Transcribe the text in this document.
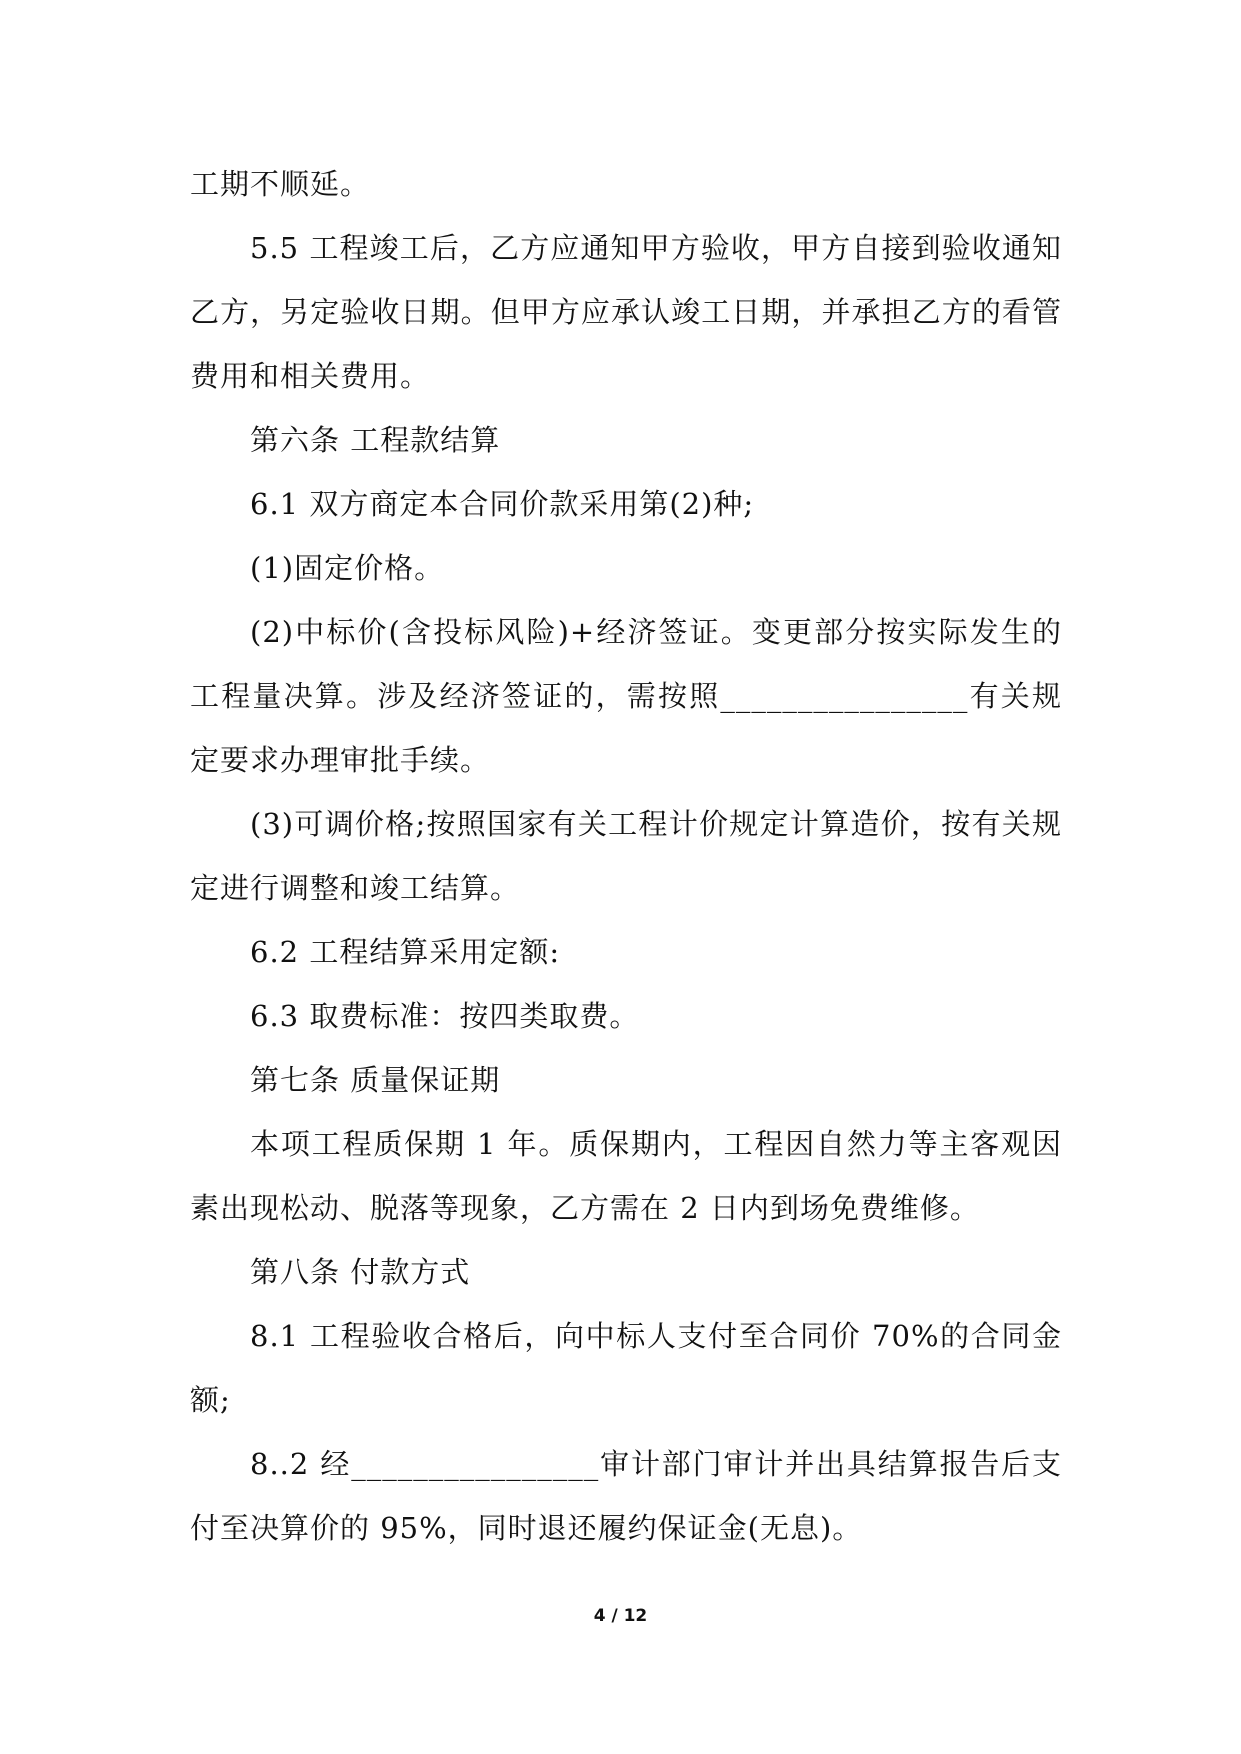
工期不顺延。

5.5 工程竣工后，乙方应通知甲方验收，甲方自接到验收通知乙方，另定验收日期。但甲方应承认竣工日期，并承担乙方的看管费用和相关费用。

第六条 工程款结算

6.1 双方商定本合同价款采用第(2)种;

(1)固定价格。

(2)中标价(含投标风险)+经济签证。变更部分按实际发生的工程量决算。涉及经济签证的，需按照________________有关规定要求办理审批手续。

(3)可调价格;按照国家有关工程计价规定计算造价，按有关规定进行调整和竣工结算。

6.2 工程结算采用定额:

6.3 取费标准：按四类取费。

第七条 质量保证期

本项工程质保期 1 年。质保期内，工程因自然力等主客观因素出现松动、脱落等现象，乙方需在 2 日内到场免费维修。

第八条 付款方式

8.1 工程验收合格后，向中标人支付至合同价 70%的合同金额;

8..2 经________________审计部门审计并出具结算报告后支付至决算价的 95%，同时退还履约保证金(无息)。

4 / 12
